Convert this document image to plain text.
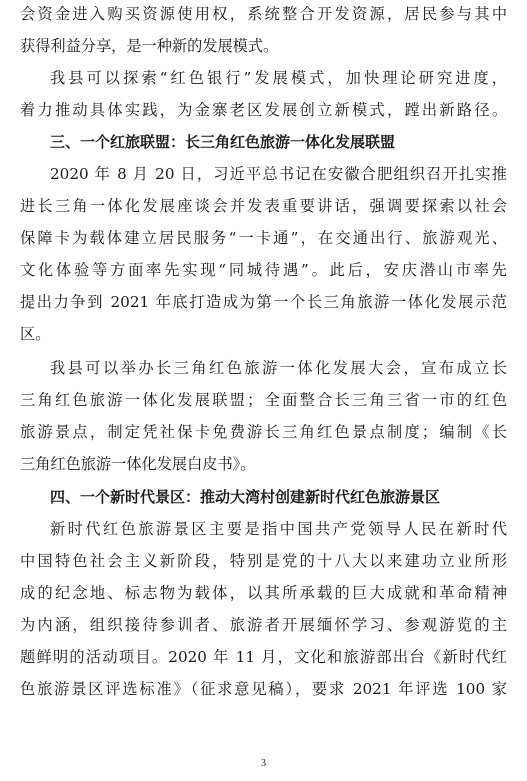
会资金进入购买资源使用权，系统整合开发资源，居民参与其中
获得利益分享，是一种新的发展模式。
我县可以探索“红色银行”发展模式，加快理论研究进度，
着力推动具体实践，为金寨老区发展创立新模式，蹚出新路径。
三、一个红旅联盟：长三角红色旅游一体化发展联盟
2020 年 8 月 20 日，习近平总书记在安徽合肥组织召开扎实推
进长三角一体化发展座谈会并发表重要讲话，强调要探索以社会
保障卡为载体建立居民服务“一卡通”，在交通出行、旅游观光、
文化体验等方面率先实现“同城待遇”。此后，安庆潜山市率先
提出力争到 2021 年底打造成为第一个长三角旅游一体化发展示范
区。
我县可以举办长三角红色旅游一体化发展大会，宣布成立长
三角红色旅游一体化发展联盟；全面整合长三角三省一市的红色
旅游景点，制定凭社保卡免费游长三角红色景点制度；编制《长
三角红色旅游一体化发展白皮书》。
四、一个新时代景区：推动大湾村创建新时代红色旅游景区
新时代红色旅游景区主要是指中国共产党领导人民在新时代
中国特色社会主义新阶段，特别是党的十八大以来建功立业所形
成的纪念地、标志物为载体，以其所承载的巨大成就和革命精神
为内涵，组织接待参训者、旅游者开展缅怀学习、参观游览的主
题鲜明的活动项目。2020 年 11 月，文化和旅游部出台《新时代红
色旅游景区评选标准》（征求意见稿），要求 2021 年评选 100 家
3
